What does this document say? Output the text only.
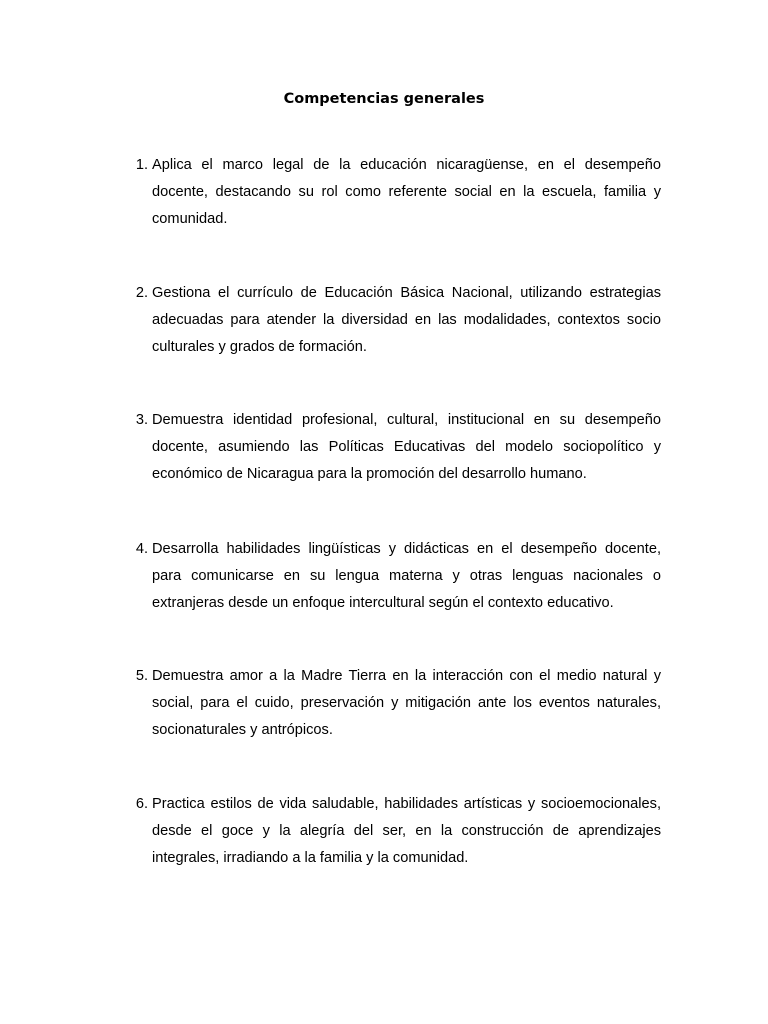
Competencias generales
1. Aplica el marco legal de la educación nicaragüense, en el desempeño docente, destacando su rol como referente social en la escuela, familia y comunidad.
2. Gestiona el currículo de Educación Básica Nacional, utilizando estrategias adecuadas para atender la diversidad en las modalidades, contextos socio culturales y grados de formación.
3. Demuestra identidad profesional, cultural, institucional en su desempeño docente, asumiendo las Políticas Educativas del modelo sociopolítico y económico de Nicaragua para la promoción del desarrollo humano.
4. Desarrolla habilidades lingüísticas y didácticas en el desempeño docente, para comunicarse en su lengua materna y otras lenguas nacionales o extranjeras desde un enfoque intercultural según el contexto educativo.
5. Demuestra amor a la Madre Tierra en la interacción con el medio natural y social, para el cuido, preservación y mitigación ante los eventos naturales, socionaturales y antrópicos.
6. Practica estilos de vida saludable, habilidades artísticas y socioemocionales, desde el goce y la alegría del ser, en la construcción de aprendizajes integrales, irradiando a la familia y la comunidad.
